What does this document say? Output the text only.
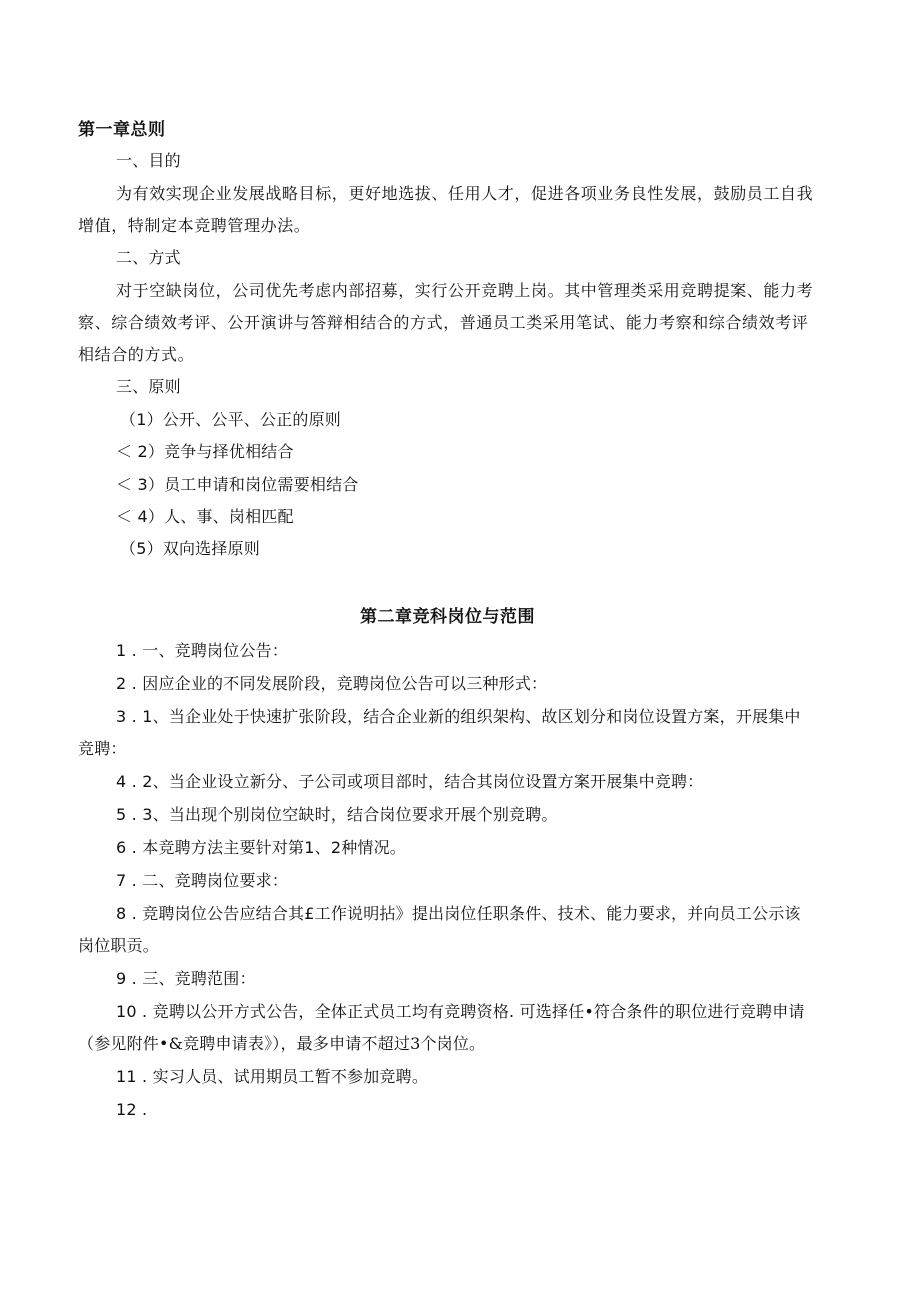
第一章总则
一、目的
为有效实现企业发展战略目标，更好地选拔、任用人才，促进各项业务良性发展，鼓励员工自我
增值，特制定本竞聘管理办法。
二、方式
对于空缺岗位，公司优先考虑内部招募，实行公开竞聘上岗。其中管理类采用竞聘提案、能力考
察、综合绩效考评、公开演讲与答辩相结合的方式，普通员工类采用笔试、能力考察和综合绩效考评
相结合的方式。
三、原则
（1）公开、公平、公正的原则
＜ 2）竞争与择优相结合
＜ 3）员工申请和岗位需要相结合
＜ 4）人、事、岗相匹配
（5）双向选择原则
第二章竞科岗位与范围
1 . 一、竞聘岗位公告：
2 . 因应企业的不同发展阶段，竞聘岗位公告可以三种形式：
3 . 1、当企业处于快速扩张阶段，结合企业新的组织架构、故区划分和岗位设置方案，开展集中
竞聘：
4 . 2、当企业设立新分、子公司或项目部时，结合其岗位设置方案开展集中竞聘：
5 . 3、当出现个别岗位空缺时，结合岗位要求开展个别竞聘。
6 . 本竞聘方法主要针对第1、2种情况。
7 . 二、竞聘岗位要求：
8 . 竞聘岗位公告应结合其£工作说明拈》提出岗位任职条件、技术、能力要求，并向员工公示该
岗位职贡。
9 . 三、竞聘范围：
10 . 竞聘以公开方式公告，全体正式员工均有竞聘资格. 可选择任•符合条件的职位进行竞聘申请
（参见附件•&竞聘申请表》），最多申请不超过3个岗位。
11 . 实习人员、试用期员工暂不参加竞聘。
12 .
